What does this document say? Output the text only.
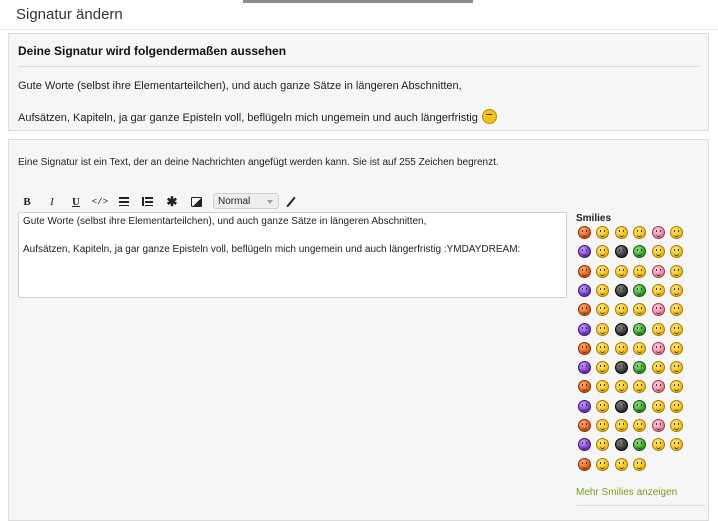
Signatur ändern
Deine Signatur wird folgendermaßen aussehen
Gute Worte (selbst ihre Elementarteilchen), und auch ganze Sätze in längeren Abschnitten,
Aufsätzen, Kapiteln, ja gar ganze Episteln voll, beflügeln mich ungemein und auch längerfristig
Eine Signatur ist ein Text, der an deine Nachrichten angefügt werden kann. Sie ist auf 255 Zeichen begrenzt.
B	I	U	</>	✱	Normal
Gute Worte (selbst ihre Elementarteilchen), und auch ganze Sätze in längeren Abschnitten,
Aufsätzen, Kapiteln, ja gar ganze Episteln voll, beflügeln mich ungemein und auch längerfristig :YMDAYDREAM:
Smilies
Mehr Smilies anzeigen
